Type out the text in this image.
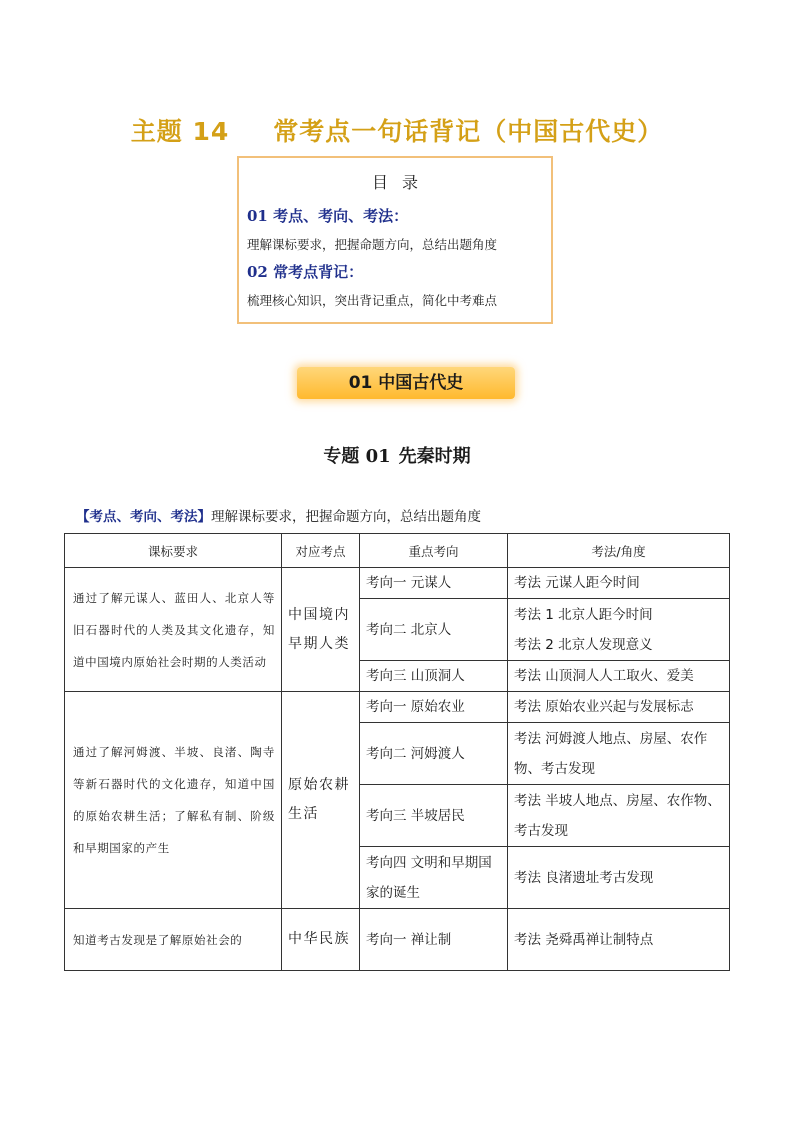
主题 14 常考点一句话背记（中国古代史）
目录
01 考点、考向、考法：
理解课标要求，把握命题方向，总结出题角度
02 常考点背记：
梳理核心知识，突出背记重点，简化中考难点
01 中国古代史
专题 01 先秦时期
【考点、考向、考法】理解课标要求，把握命题方向，总结出题角度
课标要求	对应考点	重点考向	考法/角度
通过了解元谋人、蓝田人、北京人等旧石器时代的人类及其文化遗存，知道中国境内原始社会时期的人类活动	中国境内早期人类	考向一 元谋人	考法 元谋人距今时间
		考向二 北京人	考法 1 北京人距今时间
考法 2 北京人发现意义

		考向三 山顶洞人	考法 山顶洞人人工取火、爱美
通过了解河姆渡、半坡、良渚、陶寺等新石器时代的文化遗存，知道中国的原始农耕生活；了解私有制、阶级和早期国家的产生	原始农耕生活	考向一 原始农业	考法 原始农业兴起与发展标志
		考向二 河姆渡人	考法 河姆渡人地点、房屋、农作物、考古发现
		考向三 半坡居民	考法 半坡人地点、房屋、农作物、考古发现
		考向四 文明和早期国家的诞生	考法 良渚遗址考古发现
知道考古发现是了解原始社会的	中华民族	考向一 禅让制	考法 尧舜禹禅让制特点
